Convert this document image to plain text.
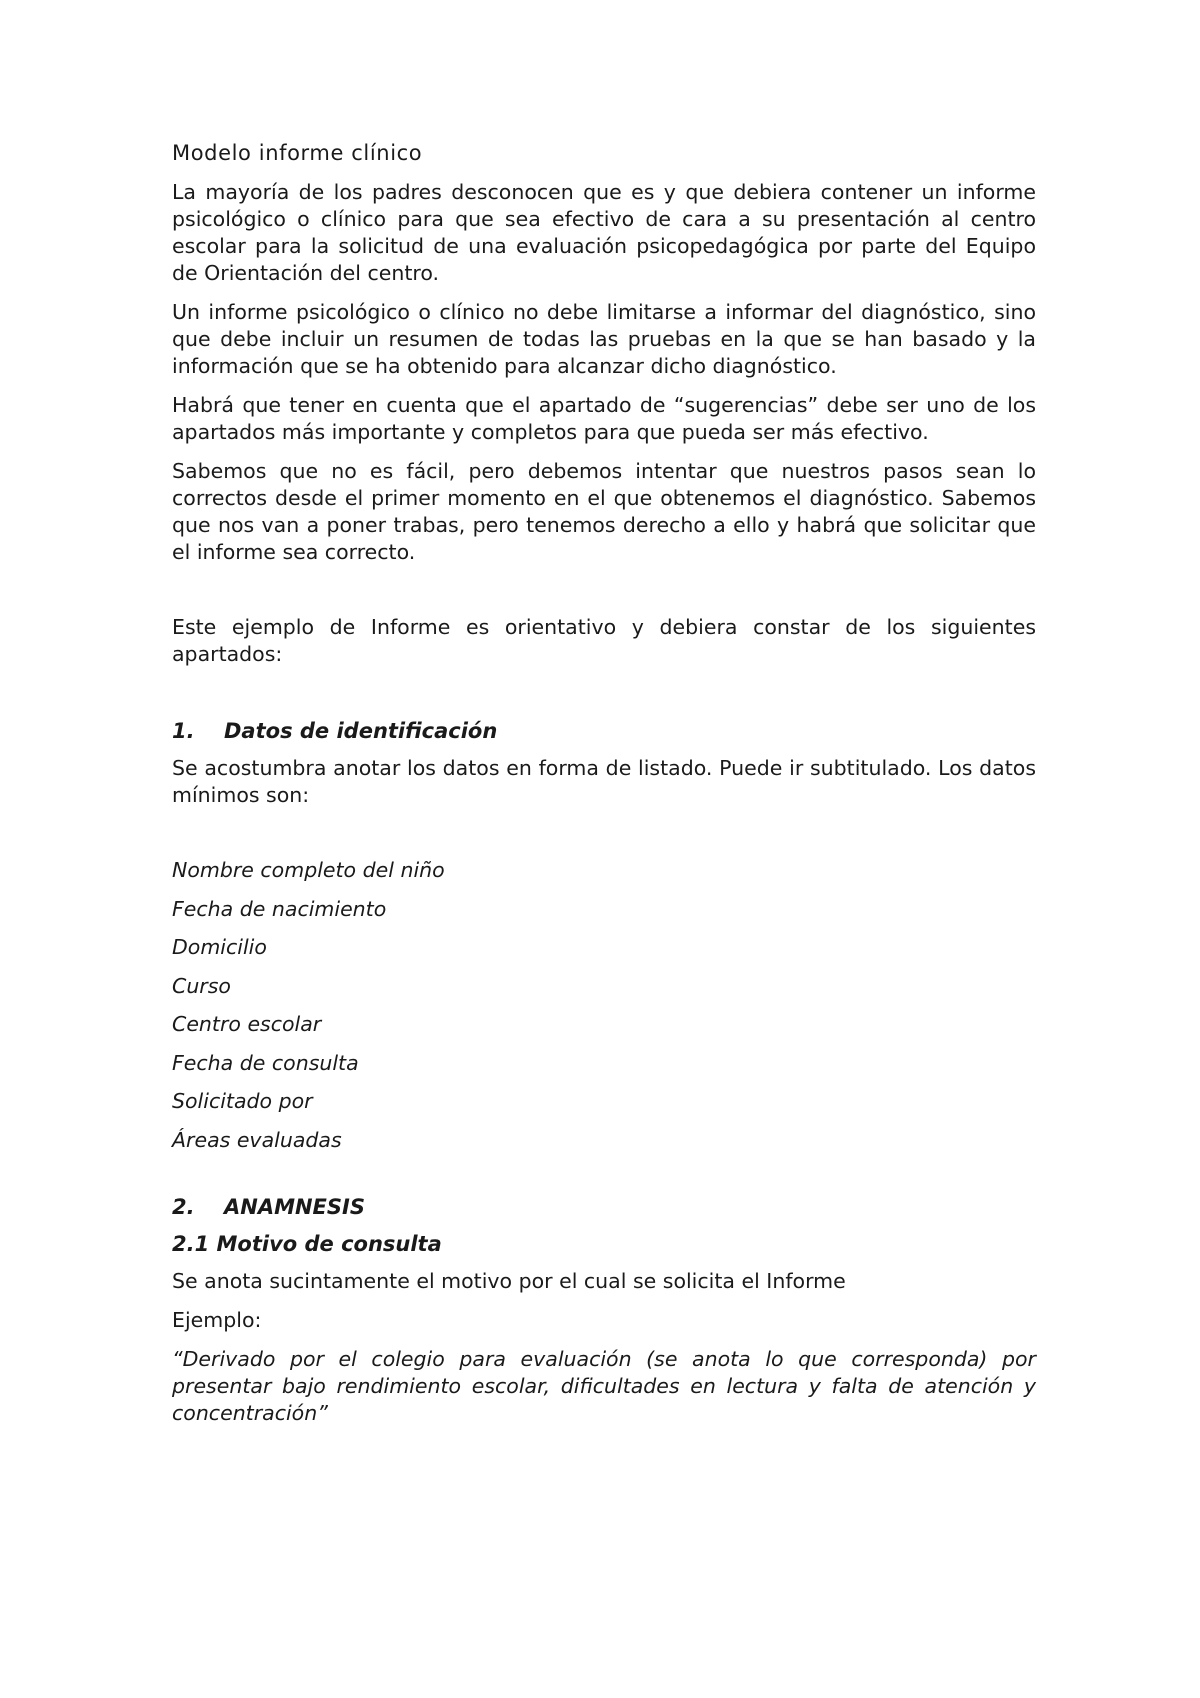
Modelo informe clínico

La mayoría de los padres desconocen que es y que debiera contener un informe psicológico o clínico para que sea efectivo de cara a su presentación al centro escolar para la solicitud de una evaluación psicopedagógica por parte del Equipo de Orientación del centro.

Un informe psicológico o clínico no debe limitarse a informar del diagnóstico, sino que debe incluir un resumen de todas las pruebas en la que se han basado y la información que se ha obtenido para alcanzar dicho diagnóstico.

Habrá que tener en cuenta que el apartado de “sugerencias” debe ser uno de los apartados más importante y completos para que pueda ser más efectivo.

Sabemos que no es fácil, pero debemos intentar que nuestros pasos sean lo correctos desde el primer momento en el que obtenemos el diagnóstico. Sabemos que nos van a poner trabas, pero tenemos derecho a ello y habrá que solicitar que el informe sea correcto.

Este ejemplo de Informe es orientativo y debiera constar de los siguientes apartados:

1.	Datos de identificación

Se acostumbra anotar los datos en forma de listado. Puede ir subtitulado. Los datos mínimos son:

Nombre completo del niño
Fecha de nacimiento
Domicilio
Curso
Centro escolar
Fecha de consulta
Solicitado por
Áreas evaluadas
2.	ANAMNESIS
2.1 Motivo de consulta

Se anota sucintamente el motivo por el cual se solicita el Informe

Ejemplo:

“Derivado por el colegio para evaluación (se anota lo que corresponda) por presentar bajo rendimiento escolar, dificultades en lectura y falta de atención y concentración”
